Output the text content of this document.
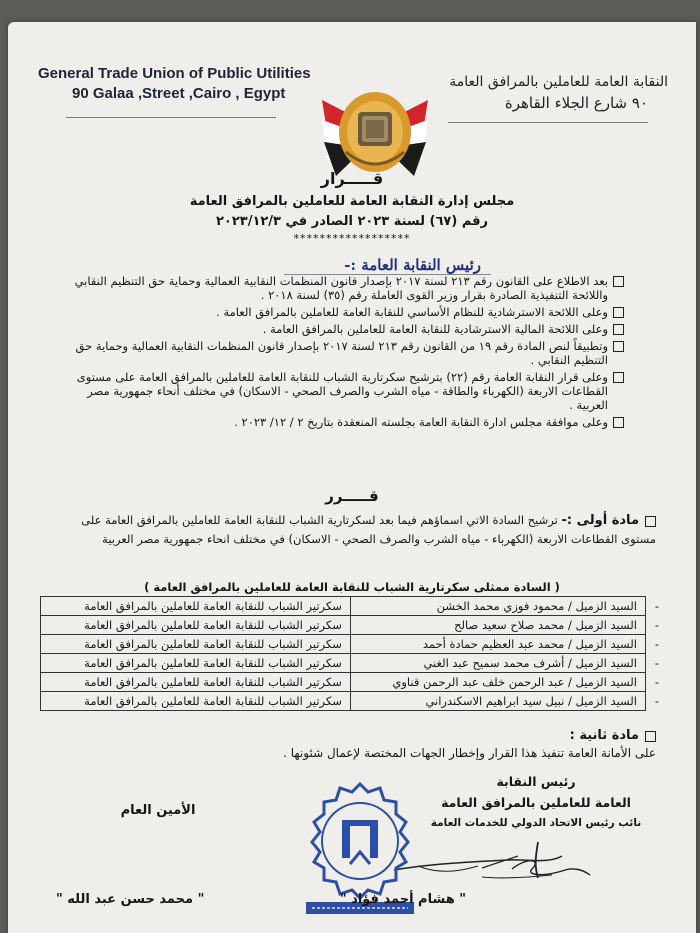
General Trade Union of Public Utilities
90 Galaa ,Street ,Cairo , Egypt
النقابة العامة للعاملين بالمرافق العامة
٩٠ شارع الجلاء القاهرة
قـــــرار
مجلس إدارة النقابة العامة للعاملين بالمرافق العامة
رقم (٦٧) لسنة ٢٠٢٣ الصادر في ٢٠٢٣/١٢/٣
******************
رئيس النقابة العامة :-
بعد الاطلاع على القانون رقم ٢١٣ لسنة ٢٠١٧ بإصدار قانون المنظمات النقابية العمالية وحماية حق التنظيم النقابي واللائحة التنفيذية الصادرة بقرار وزير القوى العاملة رقم (٣٥) لسنة ٢٠١٨ .
وعلى اللائحة الاسترشادية للنظام الأساسي للنقابة العامة للعاملين بالمرافق العامة .
وعلى اللائحة المالية الاسترشادية للنقابة العامة للعاملين بالمرافق العامة .
وتطبيقاً لنص المادة رقم ١٩ من القانون رقم ٢١٣ لسنة ٢٠١٧ بإصدار قانون المنظمات النقابية العمالية وحماية حق التنظيم النقابي .
وعلى قرار النقابة العامة رقم (٢٢) بترشيح سكرتارية الشباب للنقابة العامة للعاملين بالمرافق العامة على مستوى القطاعات الاربعة (الكهرباء والطاقة - مياه الشرب والصرف الصحي - الاسكان) في مختلف أنحاء جمهورية مصر العربية .
وعلى موافقة مجلس ادارة النقابة العامة بجلسته المنعقدة بتاريخ ٢ / ١٢/ ٢٠٢٣ .
قـــــرر
مادة أولى :- ترشيح السادة الاتي اسماؤهم فيما بعد لسكرتارية الشباب للنقابة العامة للعاملين بالمرافق العامة على مستوى القطاعات الاربعة (الكهرباء - مياه الشرب والصرف الصحي - الاسكان) في مختلف انحاء جمهورية مصر العربية
( السادة ممثلى سكرتارية الشباب للنقابة العامة للعاملين بالمرافق العامة )
-	السيد الزميل / محمود فوزي محمد الخشن	سكرتير الشباب للنقابة العامة للعاملين بالمرافق العامة
-	السيد الزميل / محمد صلاح سعيد صالح	سكرتير الشباب للنقابة العامة للعاملين بالمرافق العامة
-	السيد الزميل / محمد عبد العظيم حمادة أحمد	سكرتير الشباب للنقابة العامة للعاملين بالمرافق العامة
-	السيد الزميل / أشرف محمد سميح عبد الغني	سكرتير الشباب للنقابة العامة للعاملين بالمرافق العامة
-	السيد الزميل / عبد الرحمن خلف عبد الرحمن قناوي	سكرتير الشباب للنقابة العامة للعاملين بالمرافق العامة
-	السيد الزميل / نبيل سيد ابراهيم الاسكندراني	سكرتير الشباب للنقابة العامة للعاملين بالمرافق العامة
مادة ثانية :
على الأمانة العامة تنفيذ هذا القرار وإخطار الجهات المختصة لإعمال شئونها .
رئيس النقابة
العامة للعاملين بالمرافق العامة
نائب رئيس الاتحاد الدولي للخدمات العامة
الأمين العام
" محمد حسن عبد الله "	" هشام أحمد فؤاد "
